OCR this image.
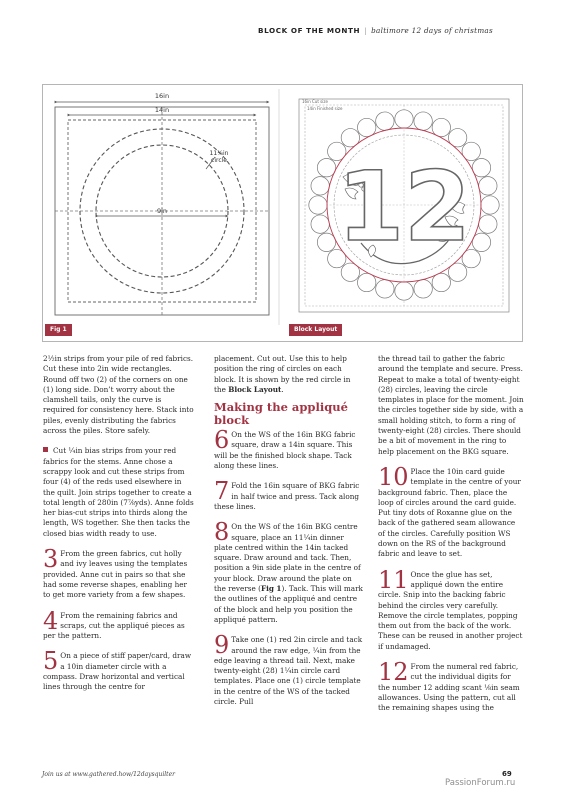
BLOCK OF THE MONTH | baltimore 12 days of christmas
16in
14in
9in
11¼in
circle
16in Cut size
14in Finished size
12
Fig 1	Block Layout

2½in strips from your pile of red fabrics. Cut these into 2in wide rectangles. Round off two (2) of the corners on one (1) long side. Don’t worry about the clamshell tails, only the curve is required for consistency here. Stack into piles, evenly distributing the fabrics across the piles. Store safely.

Cut ¼in bias strips from your red fabrics for the stems. Anne chose a scrappy look and cut these strips from four (4) of the reds used elsewhere in the quilt. Join strips together to create a total length of 280in (7⅞yds). Anne folds her bias-cut strips into thirds along the length, WS together. She then tacks the closed bias width ready to use.

3 From the green fabrics, cut holly and ivy leaves using the templates provided. Anne cut in pairs so that she had some reverse shapes, enabling her to get more variety from a few shapes.

4 From the remaining fabrics and scraps, cut the appliqué pieces as per the pattern.

5 On a piece of stiff paper/card, draw a 10in diameter circle with a compass. Draw horizontal and vertical lines through the centre for

placement. Cut out. Use this to help position the ring of circles on each block. It is shown by the red circle in the Block Layout.

Making the appliqué block

6 On the WS of the 16in BKG fabric square, draw a 14in square. This will be the finished block shape. Tack along these lines.

7 Fold the 16in square of BKG fabric in half twice and press. Tack along these lines.

8 On the WS of the 16in BKG centre square, place an 11¼in dinner plate centred within the 14in tacked square. Draw around and tack. Then, position a 9in side plate in the centre of your block. Draw around the plate on the reverse (Fig 1). Tack. This will mark the outlines of the appliqué and centre of the block and help you position the appliqué pattern.

9 Take one (1) red 2in circle and tack around the raw edge, ¼in from the edge leaving a thread tail. Next, make twenty-eight (28) 1¼in circle card templates. Place one (1) circle template in the centre of the WS of the tacked circle. Pull

the thread tail to gather the fabric around the template and secure. Press. Repeat to make a total of twenty-eight (28) circles, leaving the circle templates in place for the moment. Join the circles together side by side, with a small holding stitch, to form a ring of twenty-eight (28) circles. There should be a bit of movement in the ring to help placement on the BKG square.

10 Place the 10in card guide template in the centre of your background fabric. Then, place the loop of circles around the card guide. Put tiny dots of Roxanne glue on the back of the gathered seam allowance of the circles. Carefully position WS down on the RS of the background fabric and leave to set.

11 Once the glue has set, appliqué down the entire circle. Snip into the backing fabric behind the circles very carefully. Remove the circle templates, popping them out from the back of the work. These can be reused in another project if undamaged.

12 From the numeral red fabric, cut the individual digits for the number 12 adding scant ⅛in seam allowances. Using the pattern, cut all the remaining shapes using the

Join us at www.gathered.how/12daysquilter	69
PassionForum.ru
